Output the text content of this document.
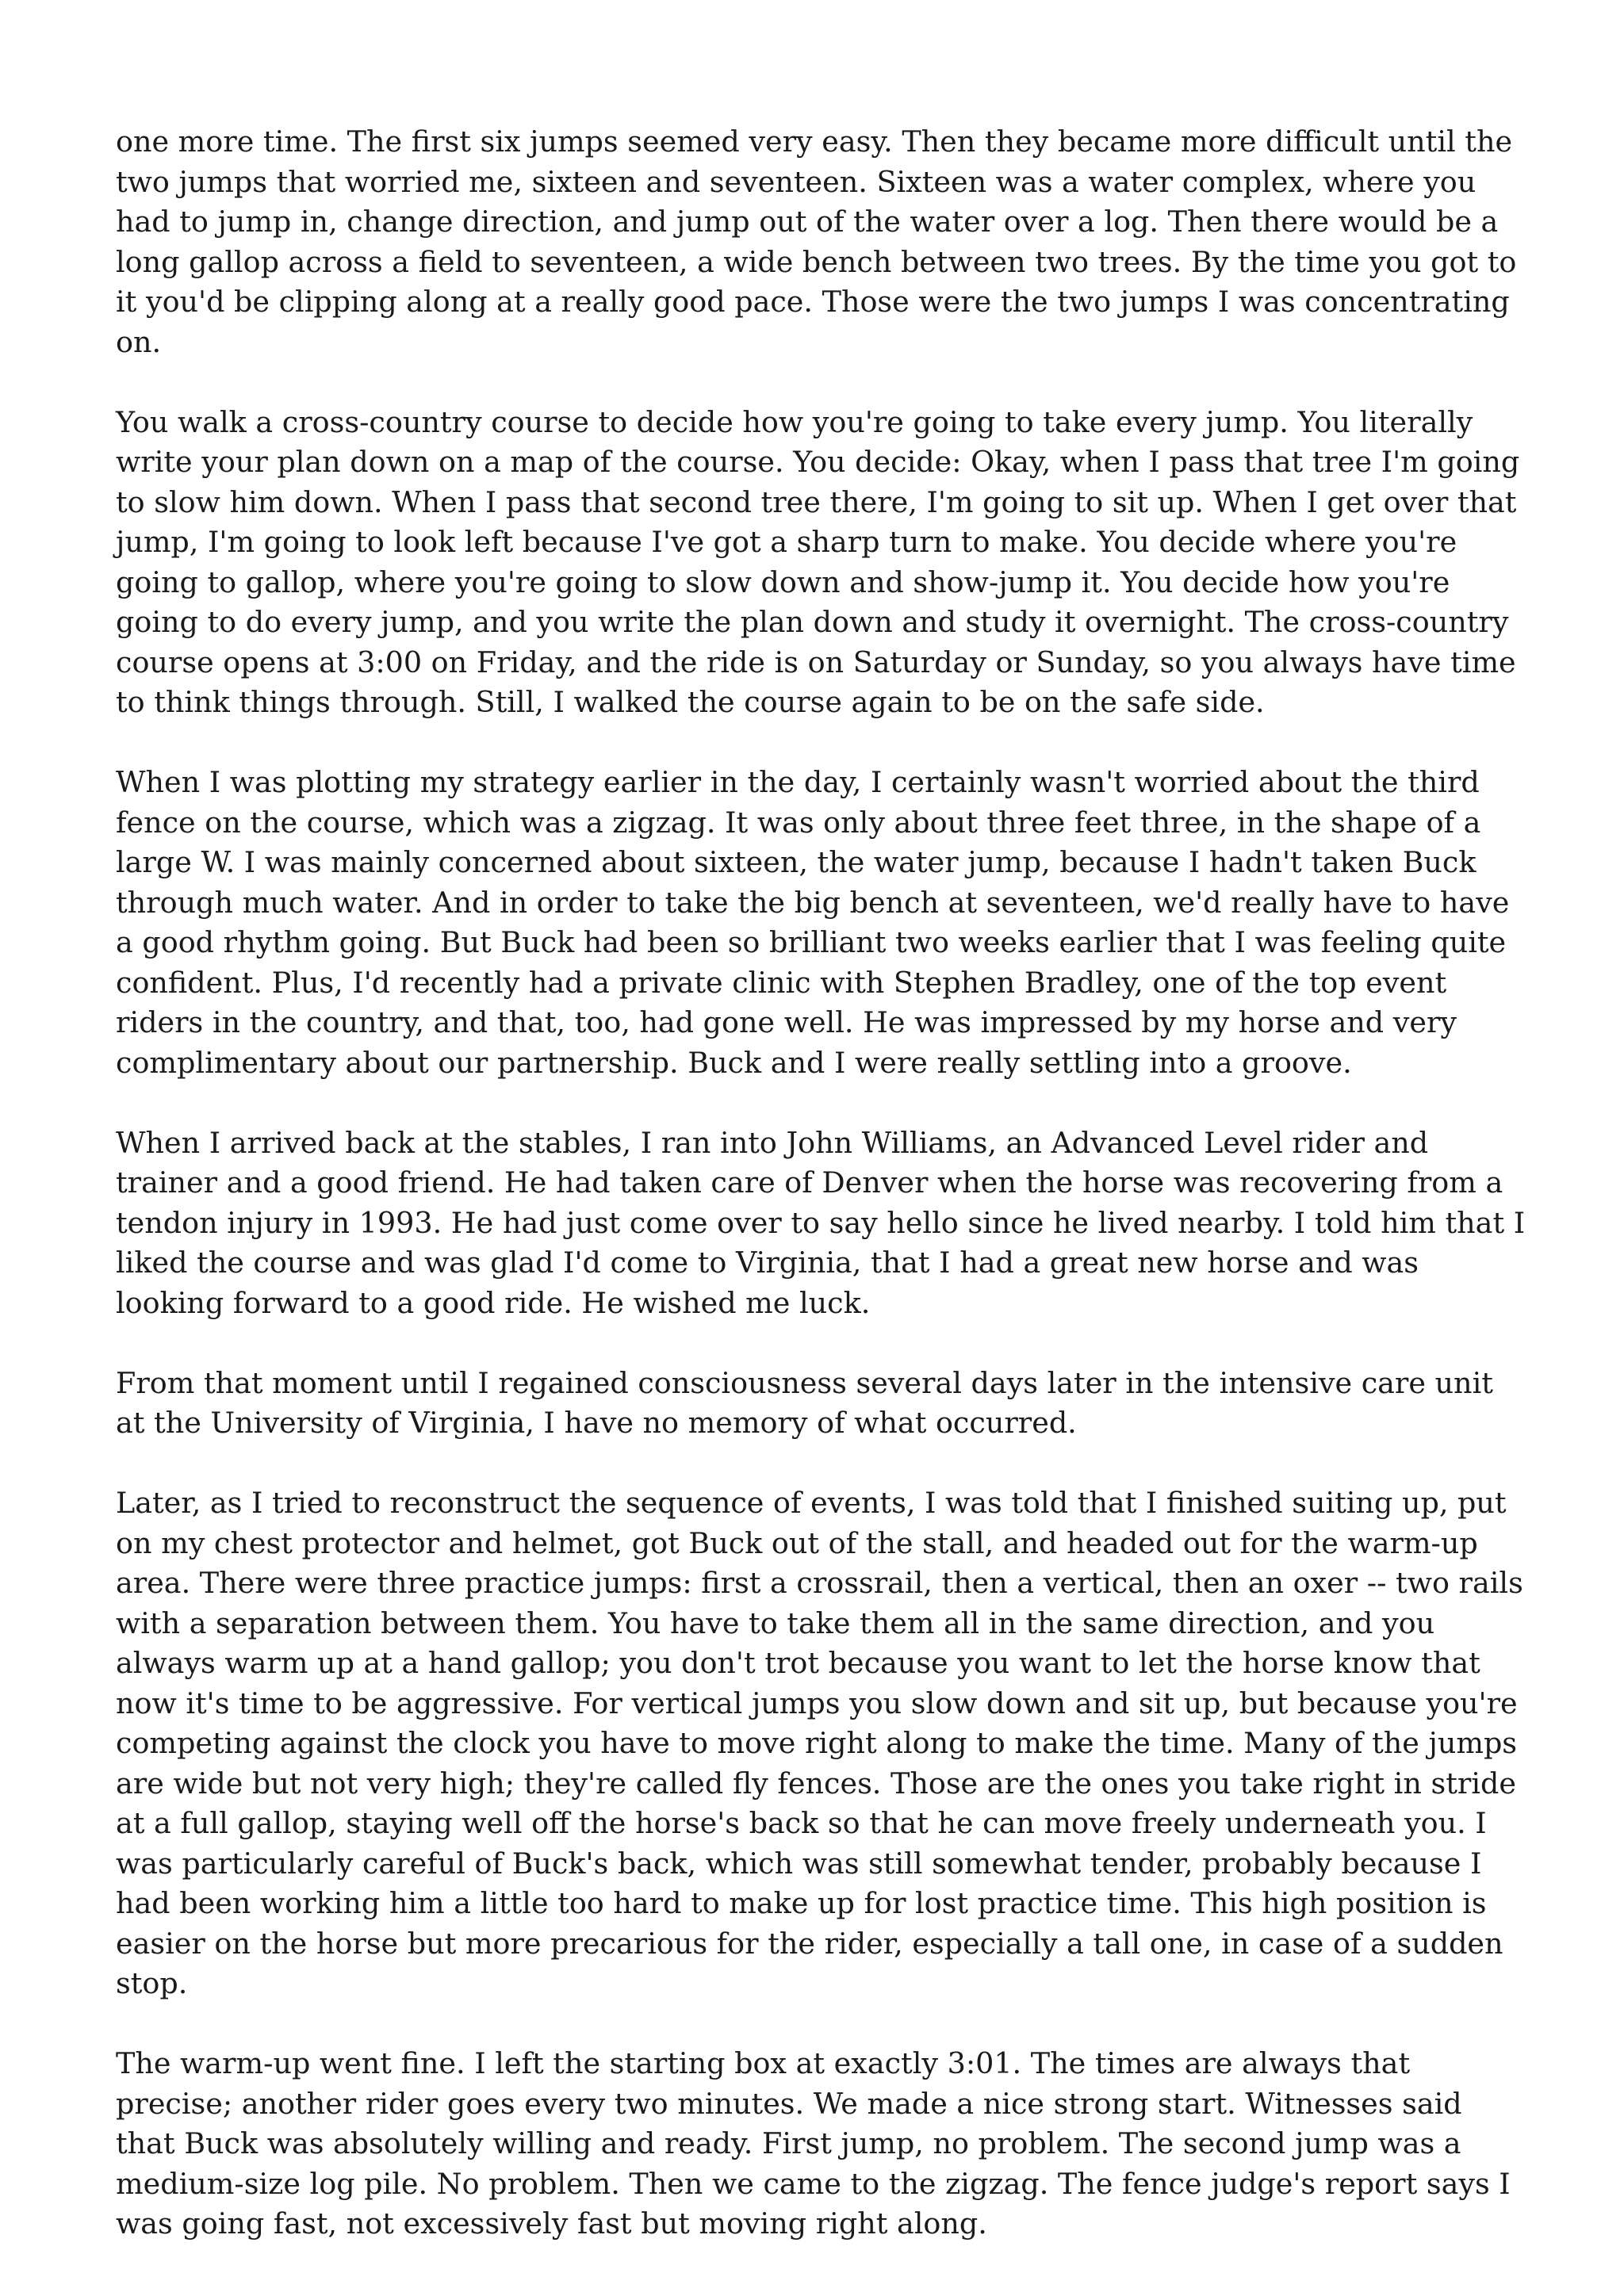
one more time. The first six jumps seemed very easy. Then they became more difficult until the two jumps that worried me, sixteen and seventeen. Sixteen was a water complex, where you had to jump in, change direction, and jump out of the water over a log. Then there would be a long gallop across a field to seventeen, a wide bench between two trees. By the time you got to it you'd be clipping along at a really good pace. Those were the two jumps I was concentrating on.

You walk a cross-country course to decide how you're going to take every jump. You literally write your plan down on a map of the course. You decide: Okay, when I pass that tree I'm going to slow him down. When I pass that second tree there, I'm going to sit up. When I get over that jump, I'm going to look left because I've got a sharp turn to make. You decide where you're going to gallop, where you're going to slow down and show-jump it. You decide how you're going to do every jump, and you write the plan down and study it overnight. The cross-country course opens at 3:00 on Friday, and the ride is on Saturday or Sunday, so you always have time to think things through. Still, I walked the course again to be on the safe side.

When I was plotting my strategy earlier in the day, I certainly wasn't worried about the third fence on the course, which was a zigzag. It was only about three feet three, in the shape of a large W. I was mainly concerned about sixteen, the water jump, because I hadn't taken Buck through much water. And in order to take the big bench at seventeen, we'd really have to have a good rhythm going. But Buck had been so brilliant two weeks earlier that I was feeling quite confident. Plus, I'd recently had a private clinic with Stephen Bradley, one of the top event riders in the country, and that, too, had gone well. He was impressed by my horse and very complimentary about our partnership. Buck and I were really settling into a groove.

When I arrived back at the stables, I ran into John Williams, an Advanced Level rider and trainer and a good friend. He had taken care of Denver when the horse was recovering from a tendon injury in 1993. He had just come over to say hello since he lived nearby. I told him that I liked the course and was glad I'd come to Virginia, that I had a great new horse and was looking forward to a good ride. He wished me luck.

From that moment until I regained consciousness several days later in the intensive care unit at the University of Virginia, I have no memory of what occurred.

Later, as I tried to reconstruct the sequence of events, I was told that I finished suiting up, put on my chest protector and helmet, got Buck out of the stall, and headed out for the warm-up area. There were three practice jumps: first a crossrail, then a vertical, then an oxer -- two rails with a separation between them. You have to take them all in the same direction, and you always warm up at a hand gallop; you don't trot because you want to let the horse know that now it's time to be aggressive. For vertical jumps you slow down and sit up, but because you're competing against the clock you have to move right along to make the time. Many of the jumps are wide but not very high; they're called fly fences. Those are the ones you take right in stride at a full gallop, staying well off the horse's back so that he can move freely underneath you. I was particularly careful of Buck's back, which was still somewhat tender, probably because I had been working him a little too hard to make up for lost practice time. This high position is easier on the horse but more precarious for the rider, especially a tall one, in case of a sudden stop.

The warm-up went fine. I left the starting box at exactly 3:01. The times are always that precise; another rider goes every two minutes. We made a nice strong start. Witnesses said that Buck was absolutely willing and ready. First jump, no problem. The second jump was a medium-size log pile. No problem. Then we came to the zigzag. The fence judge's report says I was going fast, not excessively fast but moving right along.
